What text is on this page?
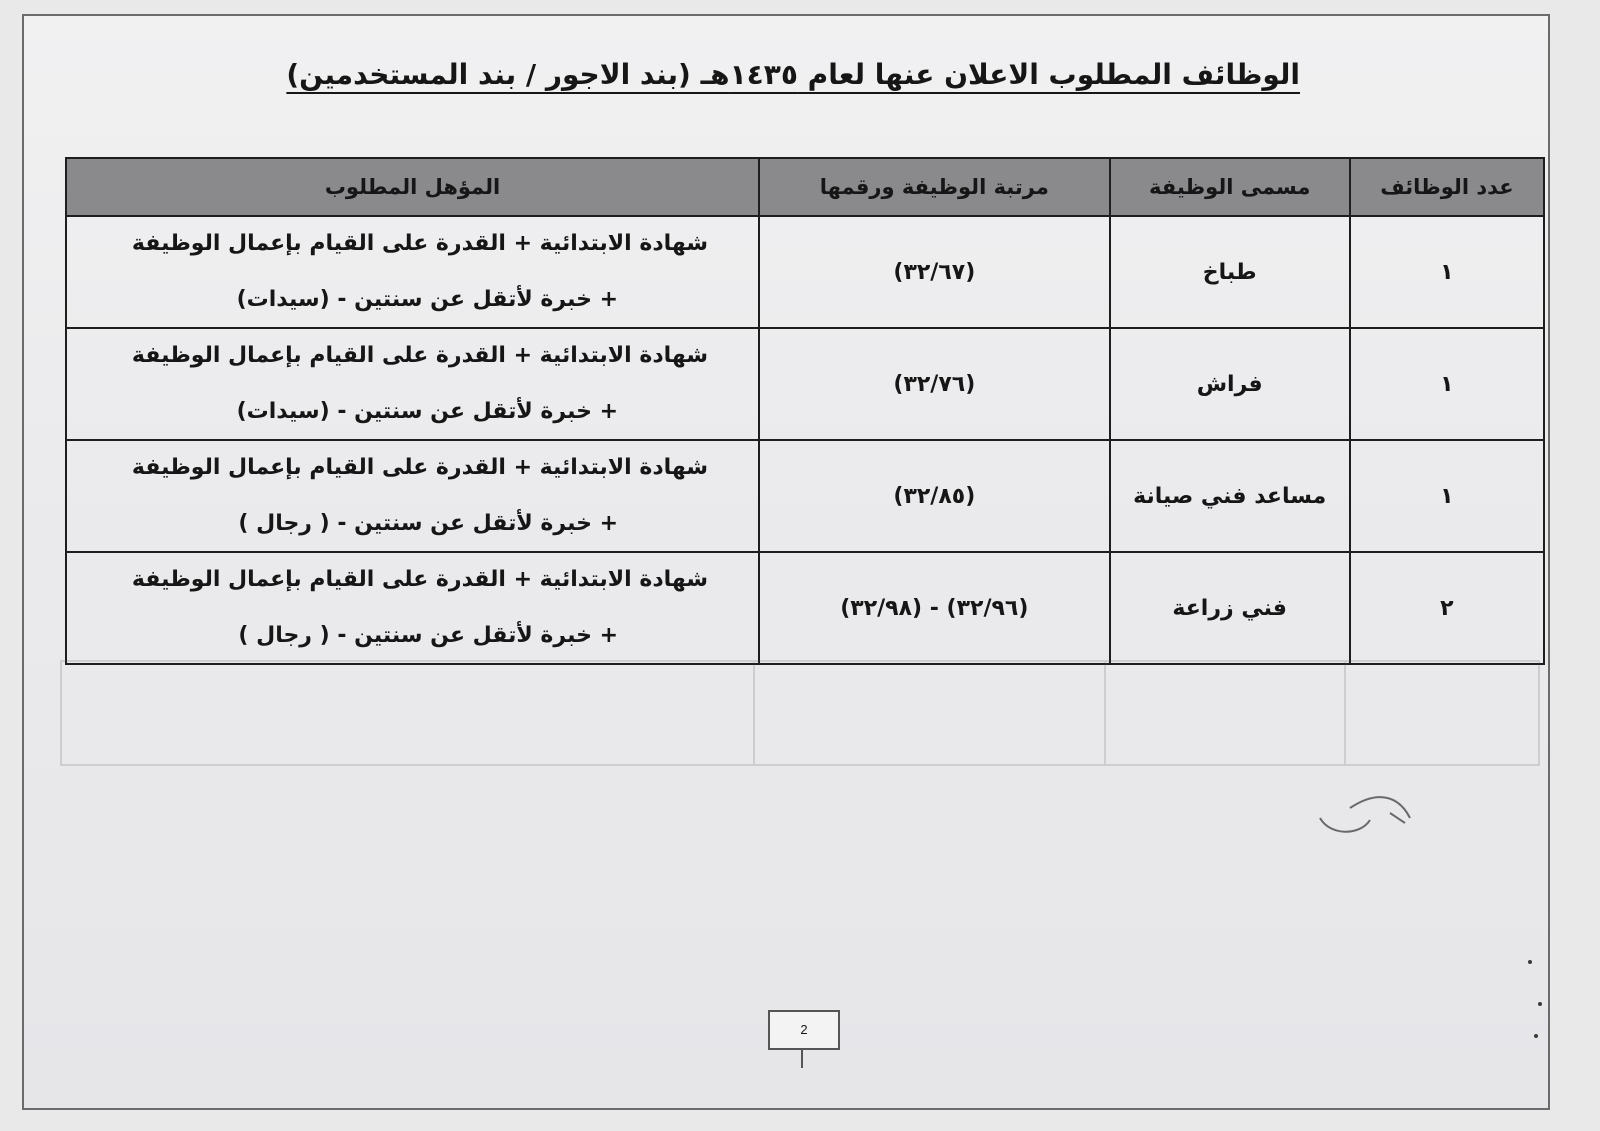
الوظائف المطلوب الاعلان عنها لعام ١٤٣٥هـ (بند الاجور / بند المستخدمين)
عدد الوظائف	مسمى الوظيفة	مرتبة الوظيفة ورقمها	المؤهل المطلوب
١	طباخ	(٣٢/٦٧)	شهادة الابتدائية + القدرة على القيام بإعمال الوظيفة
+ خبرة لأتقل عن سنتين - (سيدات)

١	فراش	(٣٢/٧٦)	شهادة الابتدائية + القدرة على القيام بإعمال الوظيفة
+ خبرة لأتقل عن سنتين - (سيدات)

١	مساعد فني صيانة	(٣٢/٨٥)	شهادة الابتدائية + القدرة على القيام بإعمال الوظيفة
+ خبرة لأتقل عن سنتين - ( رجال )

٢	فني زراعة	(٣٢/٩٦) - (٣٢/٩٨)	شهادة الابتدائية + القدرة على القيام بإعمال الوظيفة
+ خبرة لأتقل عن سنتين - ( رجال )

2
